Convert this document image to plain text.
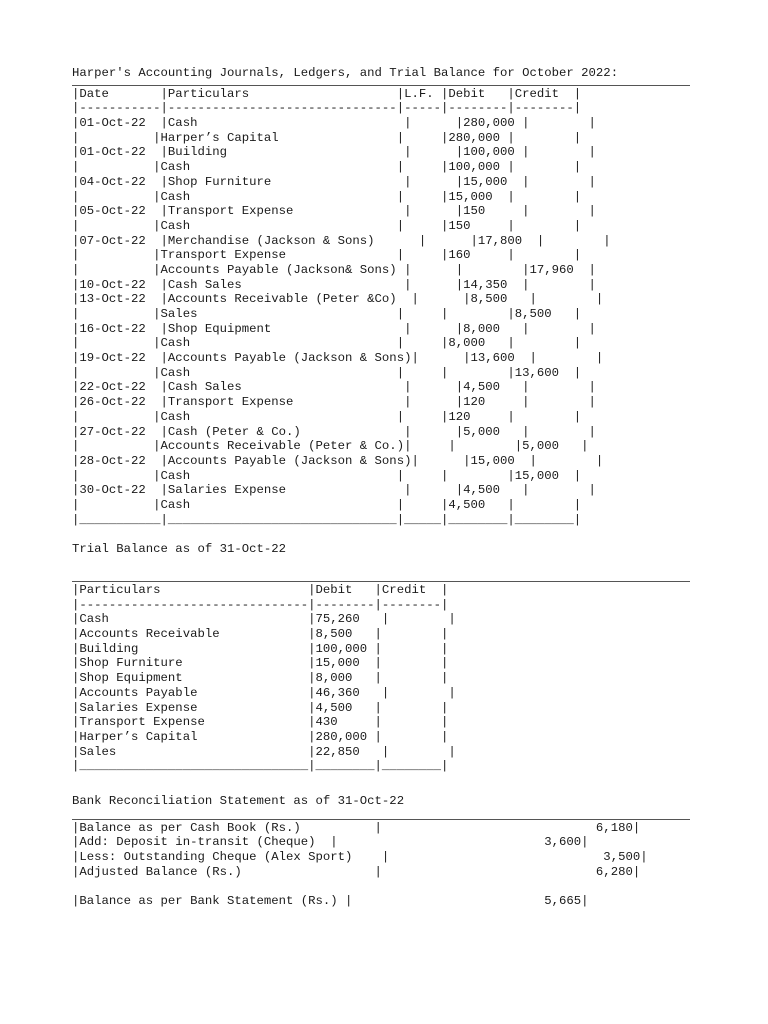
Harper's Accounting Journals, Ledgers, and Trial Balance for October 2022:
|Date       |Particulars                    |L.F. |Debit   |Credit  |
|-----------|-------------------------------|-----|--------|--------|
|01-Oct-22  |Cash                            |      |280,000 |        |
|          |Harper’s Capital                |     |280,000 |        |
|01-Oct-22  |Building                        |      |100,000 |        |
|          |Cash                            |     |100,000 |        |
|04-Oct-22  |Shop Furniture                  |      |15,000  |        |
|          |Cash                            |     |15,000  |        |
|05-Oct-22  |Transport Expense               |      |150     |        |
|          |Cash                            |     |150     |        |
|07-Oct-22  |Merchandise (Jackson & Sons)      |      |17,800  |        |
|          |Transport Expense               |     |160     |        |
|          |Accounts Payable (Jackson& Sons) |      |        |17,960  |
|10-Oct-22  |Cash Sales                      |      |14,350  |        |
|13-Oct-22  |Accounts Receivable (Peter &Co)  |      |8,500   |        |
|          |Sales                           |     |        |8,500   |
|16-Oct-22  |Shop Equipment                  |      |8,000   |        |
|          |Cash                            |     |8,000   |        |
|19-Oct-22  |Accounts Payable (Jackson & Sons)|      |13,600  |        |
|          |Cash                            |     |        |13,600  |
|22-Oct-22  |Cash Sales                      |      |4,500   |        |
|26-Oct-22  |Transport Expense               |      |120     |        |
|          |Cash                            |     |120     |        |
|27-Oct-22  |Cash (Peter & Co.)              |      |5,000   |        |
|          |Accounts Receivable (Peter & Co.)|     |        |5,000   |
|28-Oct-22  |Accounts Payable (Jackson & Sons)|      |15,000  |        |
|          |Cash                            |     |        |15,000  |
|30-Oct-22  |Salaries Expense                |      |4,500   |        |
|          |Cash                            |     |4,500   |        |
|___________|_______________________________|_____|________|________|
Trial Balance as of 31-Oct-22
|Particulars                    |Debit   |Credit  |
|-------------------------------|--------|--------|
|Cash                           |75,260   |        |
|Accounts Receivable            |8,500   |        |
|Building                       |100,000 |        |
|Shop Furniture                 |15,000  |        |
|Shop Equipment                 |8,000   |        |
|Accounts Payable               |46,360   |        |
|Salaries Expense               |4,500   |        |
|Transport Expense              |430     |        |
|Harper’s Capital               |280,000 |        |
|Sales                          |22,850   |        |
|_______________________________|________|________|
Bank Reconciliation Statement as of 31-Oct-22
|Balance as per Cash Book (Rs.)          |                             6,180|
|Add: Deposit in-transit (Cheque)  |                            3,600|
|Less: Outstanding Cheque (Alex Sport)    |                             3,500|
|Adjusted Balance (Rs.)                  |                             6,280|
|Balance as per Bank Statement (Rs.) |                          5,665|
